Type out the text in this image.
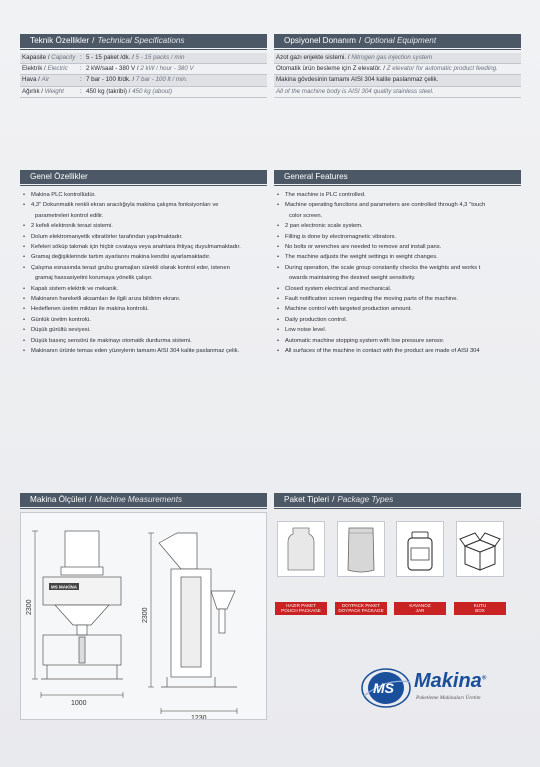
Teknik Özellikler / Technical Specifications
Kapasite / Capacity : 5 - 15 paket /dk. / 5 - 15 packs / min
Elektrik / Electric : 2 kW/saat - 380 V / 2 kW / hour - 380 V
Hava / Air	: 7 bar - 100 lt/dk. / 7 bar - 100 lt / min.
Ağırlık / Weight	: 450 kg (takribi) / 450 kg (about)
Opsiyonel Donanım / Optional Equipment
Azot gazı enjekte sistemi. / Nitrogen gas injection system
Otomatik ürün besleme için Z elevatör. / Z elevator for automatic product feeding.
Makina gövdesinin tamamı AISI 304 kalite paslanmaz çelik.
All of the machine body is AISI 304 quality stainless steel.
Genel Özellikler
• Makina PLC kontrollüdür.
• 4,3'' Dokunmatik renkli ekran aracılığıyla makina çalışma fonksiyonları ve
parametreleri kontrol edilir.
• 2 kefeli elektronik terazi sistemi.
• Dolum elektromanyetik vibratörler tarafından yapılmaktadır.
• Kefeleri söküp takmak için hiçbir cıvataya veya anahtara ihtiyaç duyulmamaktadır.
• Gramaj değişiklerinde tartım ayarlarını makina kendisi ayarlamaktadır.
• Çalışma esnasında terazi grubu gramajları sürekli olarak kontrol eder, istenen
gramaj hassasiyetini korumaya yönelik çalışır.
• Kapalı sistem elektrik ve mekanik.
• Makinanın hareketli aksamları ile ilgili arıza bildirim ekranı.
• Hedeflenen üretim miktarı ile makina kontrolü.
• Günlük üretim kontrolü.
• Düşük gürültü seviyesi.
• Düşük basınç sensörü ile makinayı otomatik durdurma sistemi.
• Makinanın ürünle temas eden yüzeylerin tamamı AISI 304 kalite paslanmaz çelik.
General Features
• The machine is PLC controlled.
• Machine operating functions and parameters are controlled through 4,3 ''touch
color screen.
• 2 pan electronic scale system.
• Filling is done by electromagnetic vibrators.
• No bolts or wrenches are needed to remove and install pans.
• The machine adjusts the weight settings in weight changes.
• During operation, the scale group constantly checks the weights and works t
owards maintaining the desired weight sensitivity.
• Closed system electrical and mechanical.
• Fault notification screen regarding the moving parts of the machine.
• Machine control with targeted production amount.
• Daily production control.
• Low noise level.
• Automatic machine stopping system with low pressure sensor.
• All surfaces of the machine in contact with the product are made of AISI 304
Makina Ölçüleri / Machine Measurements
MS MAKİNA
2300
1000
2300
1230
Paket Tipleri / Package Types
HAZIR PAKET
POUCH PACKAGE
DOYPACK PAKET
DOYPACK PACKAGE
KAVANOZ
JAR
KUTU
BOX
MS Makina®
Paketleme Makinaları Üretim
